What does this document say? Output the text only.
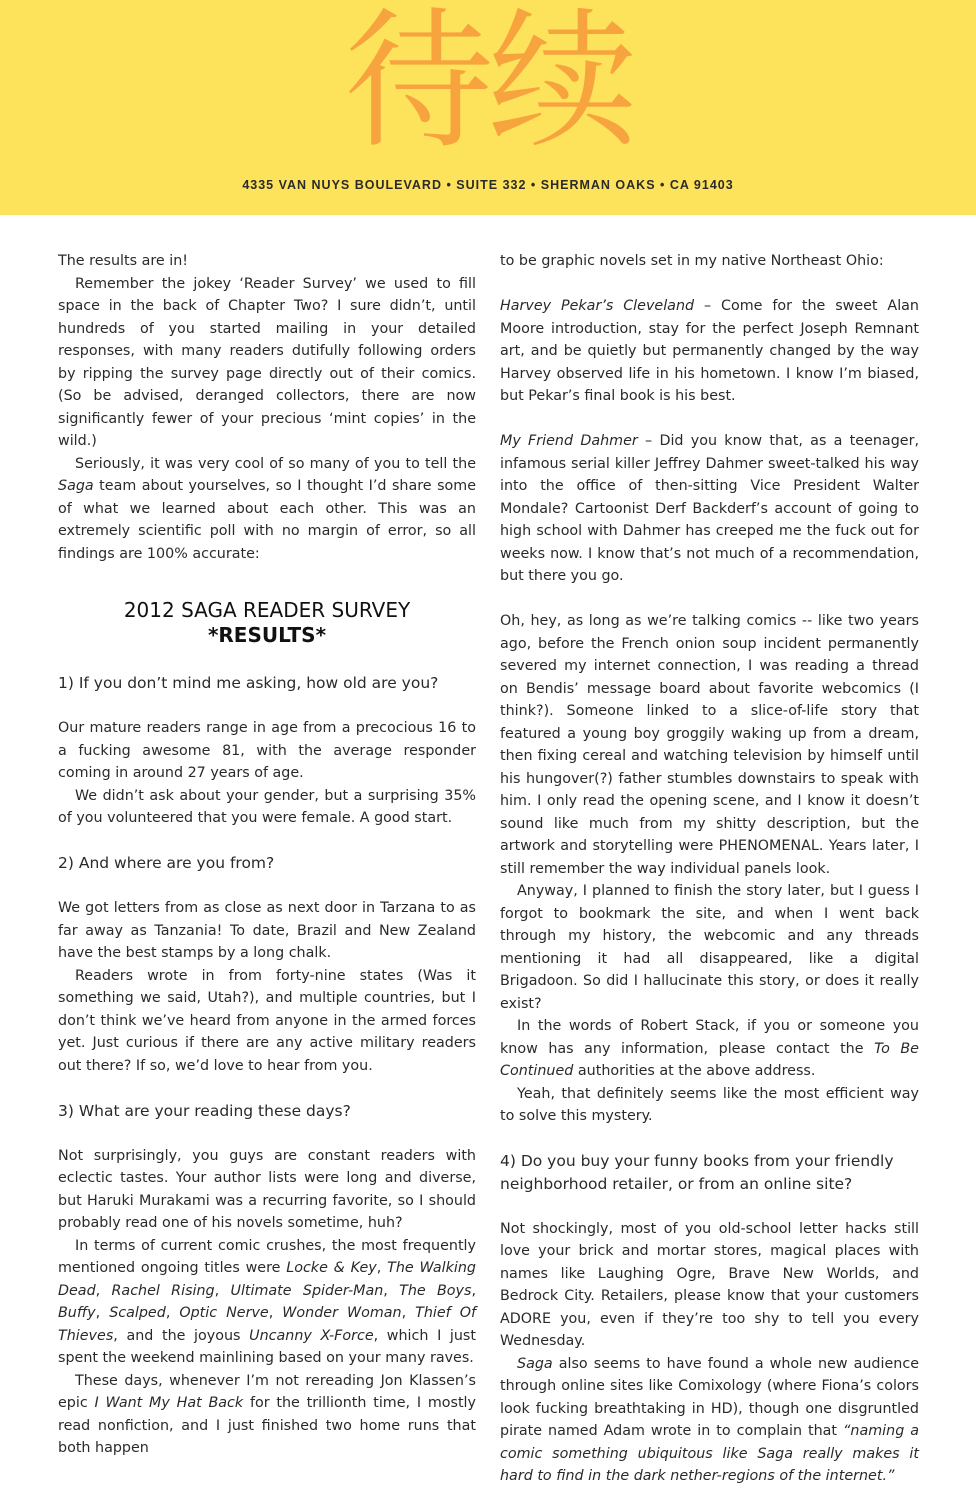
待续
4335 VAN NUYS BOULEVARD • SUITE 332 • SHERMAN OAKS • CA 91403

The results are in!

Remember the jokey ‘Reader Survey’ we used to fill space in the back of Chapter Two? I sure didn’t, until hundreds of you started mailing in your detailed responses, with many readers dutifully following orders by ripping the survey page directly out of their comics. (So be advised, deranged collectors, there are now significantly fewer of your precious ‘mint copies’ in the wild.)

Seriously, it was very cool of so many of you to tell the Saga team about yourselves, so I thought I’d share some of what we learned about each other. This was an extremely scientific poll with no margin of error, so all findings are 100% accurate:

2012 SAGA READER SURVEY
*RESULTS*

1) If you don’t mind me asking, how old are you?

Our mature readers range in age from a precocious 16 to a fucking awesome 81, with the average responder coming in around 27 years of age.

We didn’t ask about your gender, but a surprising 35% of you volunteered that you were female. A good start.

2) And where are you from?

We got letters from as close as next door in Tarzana to as far away as Tanzania! To date, Brazil and New Zealand have the best stamps by a long chalk.

Readers wrote in from forty-nine states (Was it something we said, Utah?), and multiple countries, but I don’t think we’ve heard from anyone in the armed forces yet. Just curious if there are any active military readers out there? If so, we’d love to hear from you.

3) What are your reading these days?

Not surprisingly, you guys are constant readers with eclectic tastes. Your author lists were long and diverse, but Haruki Murakami was a recurring favorite, so I should probably read one of his novels sometime, huh?

In terms of current comic crushes, the most frequently mentioned ongoing titles were Locke & Key, The Walking Dead, Rachel Rising, Ultimate Spider-Man, The Boys, Buffy, Scalped, Optic Nerve, Wonder Woman, Thief Of Thieves, and the joyous Uncanny X-Force, which I just spent the weekend mainlining based on your many raves.

These days, whenever I’m not rereading Jon Klassen’s epic I Want My Hat Back for the trillionth time, I mostly read nonfiction, and I just finished two home runs that both happen

to be graphic novels set in my native Northeast Ohio:

Harvey Pekar’s Cleveland – Come for the sweet Alan Moore introduction, stay for the perfect Joseph Remnant art, and be quietly but permanently changed by the way Harvey observed life in his hometown. I know I’m biased, but Pekar’s final book is his best.

My Friend Dahmer – Did you know that, as a teenager, infamous serial killer Jeffrey Dahmer sweet-talked his way into the office of then-sitting Vice President Walter Mondale? Cartoonist Derf Backderf’s account of going to high school with Dahmer has creeped me the fuck out for weeks now. I know that’s not much of a recommendation, but there you go.

Oh, hey, as long as we’re talking comics -- like two years ago, before the French onion soup incident permanently severed my internet connection, I was reading a thread on Bendis’ message board about favorite webcomics (I think?). Someone linked to a slice-of-life story that featured a young boy groggily waking up from a dream, then fixing cereal and watching television by himself until his hungover(?) father stumbles downstairs to speak with him. I only read the opening scene, and I know it doesn’t sound like much from my shitty description, but the artwork and storytelling were PHENOMENAL. Years later, I still remember the way individual panels look.

Anyway, I planned to finish the story later, but I guess I forgot to bookmark the site, and when I went back through my history, the webcomic and any threads mentioning it had all disappeared, like a digital Brigadoon. So did I hallucinate this story, or does it really exist?

In the words of Robert Stack, if you or someone you know has any information, please contact the To Be Continued authorities at the above address.

Yeah, that definitely seems like the most efficient way to solve this mystery.

4) Do you buy your funny books from your friendly neighborhood retailer, or from an online site?

Not shockingly, most of you old-school letter hacks still love your brick and mortar stores, magical places with names like Laughing Ogre, Brave New Worlds, and Bedrock City. Retailers, please know that your customers ADORE you, even if they’re too shy to tell you every Wednesday.

Saga also seems to have found a whole new audience through online sites like Comixology (where Fiona’s colors look fucking breathtaking in HD), though one disgruntled pirate named Adam wrote in to complain that “naming a comic something ubiquitous like Saga really makes it hard to find in the dark nether-regions of the internet.”
